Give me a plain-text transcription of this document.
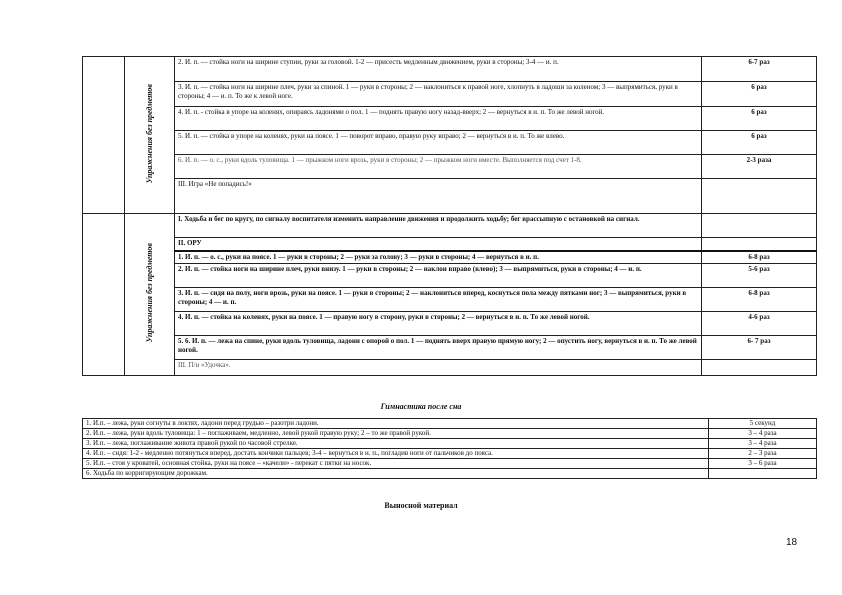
	Упражнения без предметов	2. И. п. — стойка ноги на ширине ступни, руки за головой. 1-2 — присесть медленным движением, руки в стороны; 3-4 — и. п.	6-7 раз
		3. И. п. — стойка ноги на ширине плеч, руки за спиной. 1 — руки в стороны; 2 — наклониться к правой ноге, хлопнуть в ладоши за коленом; 3 — выпрямиться, руки в стороны; 4 — и. п. То же к левой ноге.	6 раз
		4. И. п. - стойка в упоре на коленях, опираясь ладонями о пол. 1 — поднять правую ногу назад-вверх; 2 — вернуться в и. п. То же левой ногой.	6 раз
		5. И. п. — стойка в упоре на коленях, руки на поясе. 1 — поворот вправо, правую руку вправо; 2 — вернуться в и. п. То же влево.	6 раз
		6. И. п. — о. с., руки вдоль туловища. 1 — прыжком ноги врозь, руки в стороны; 2 — прыжком ноги вместе. Выполняется под счет 1-8.	2-3 раза
		III. Игра «Не попадись!»	
	Упражнения без предметов	I. Ходьба и бег по кругу, по сигналу воспитателя изменить направление движения и продолжить ходьбу; бег врассыпную с остановкой на сигнал.	
		II. ОРУ	
		1. И. п. — о. с., руки на поясе. 1 — руки в стороны; 2 — руки за голову; 3 — руки в стороны; 4 — вернуться в и. п.	6-8 раз
		2. И. п. — стойка ноги на ширине плеч, руки внизу. 1 — руки в стороны; 2 — наклон вправо (влево); 3 — выпрямиться, руки в стороны; 4 — и. п.	5-6 раз
		3. И. п. — сидя на полу, ноги врозь, руки на поясе. 1 — руки в стороны; 2 — наклониться вперед, коснуться пола между пятками ног; 3 — выпрямиться, руки в стороны; 4 — и. п.	6-8 раз
		4. И. п. — стойка на коленях, руки на поясе. 1 — правую ногу в сторону, руки в стороны; 2 — вернуться в и. п. То же левой ногой.	4-6 раз
		5. 6. И. п. — лежа на спине, руки вдоль туловища, ладони с опорой о пол. 1 — поднять вверх правую прямую ногу; 2 — опустить ногу, вернуться в и. п. То же левой ногой.	6- 7 раз
		III. П/и «Удочка».	
Гимнастика после сна
1. И.п. – лежа, руки согнуты в локтях, ладони перед грудью – разотри ладони.	5 секунд
2. И.п. – лежа, руки вдоль туловища: 1 – поглаживаем, медленно, левой рукой правую руку; 2 – то же правой рукой.	3 – 4 раза
3. И.п. – лежа, поглаживание живота правой рукой по часовой стрелке.	3 – 4 раза
4. И.п. – сидя: 1-2 - медленно потянуться вперед, достать кончики пальцев; 3-4 – вернуться в и. п., погладив ноги от пальчиков до пояса.	2 – 3 раза
5. И.п. – стоя у кроватей, основная стойка, руки на поясе – «качели» - перекат с пятки на носок.	3 – 6 раза
6. Ходьба по корригирующим дорожкам.	
Выносной материал
18
